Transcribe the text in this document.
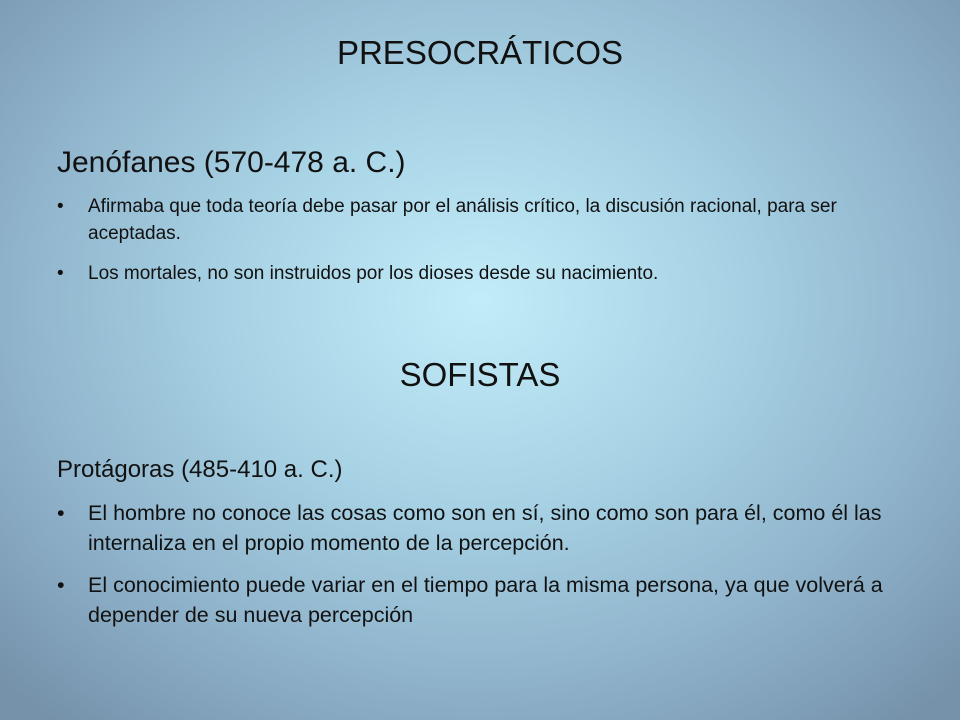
PRESOCRÁTICOS
Jenófanes (570-478 a. C.)
• Afirmaba que toda teoría debe pasar por el análisis crítico, la discusión racional, para ser aceptadas.
• Los mortales, no son instruidos por los dioses desde su nacimiento.
SOFISTAS
Protágoras (485-410 a. C.)
• El hombre no conoce las cosas como son en sí, sino como son para él, como él las internaliza en el propio momento de la percepción.
• El conocimiento puede variar en el tiempo para la misma persona, ya que volverá a depender de su nueva percepción
